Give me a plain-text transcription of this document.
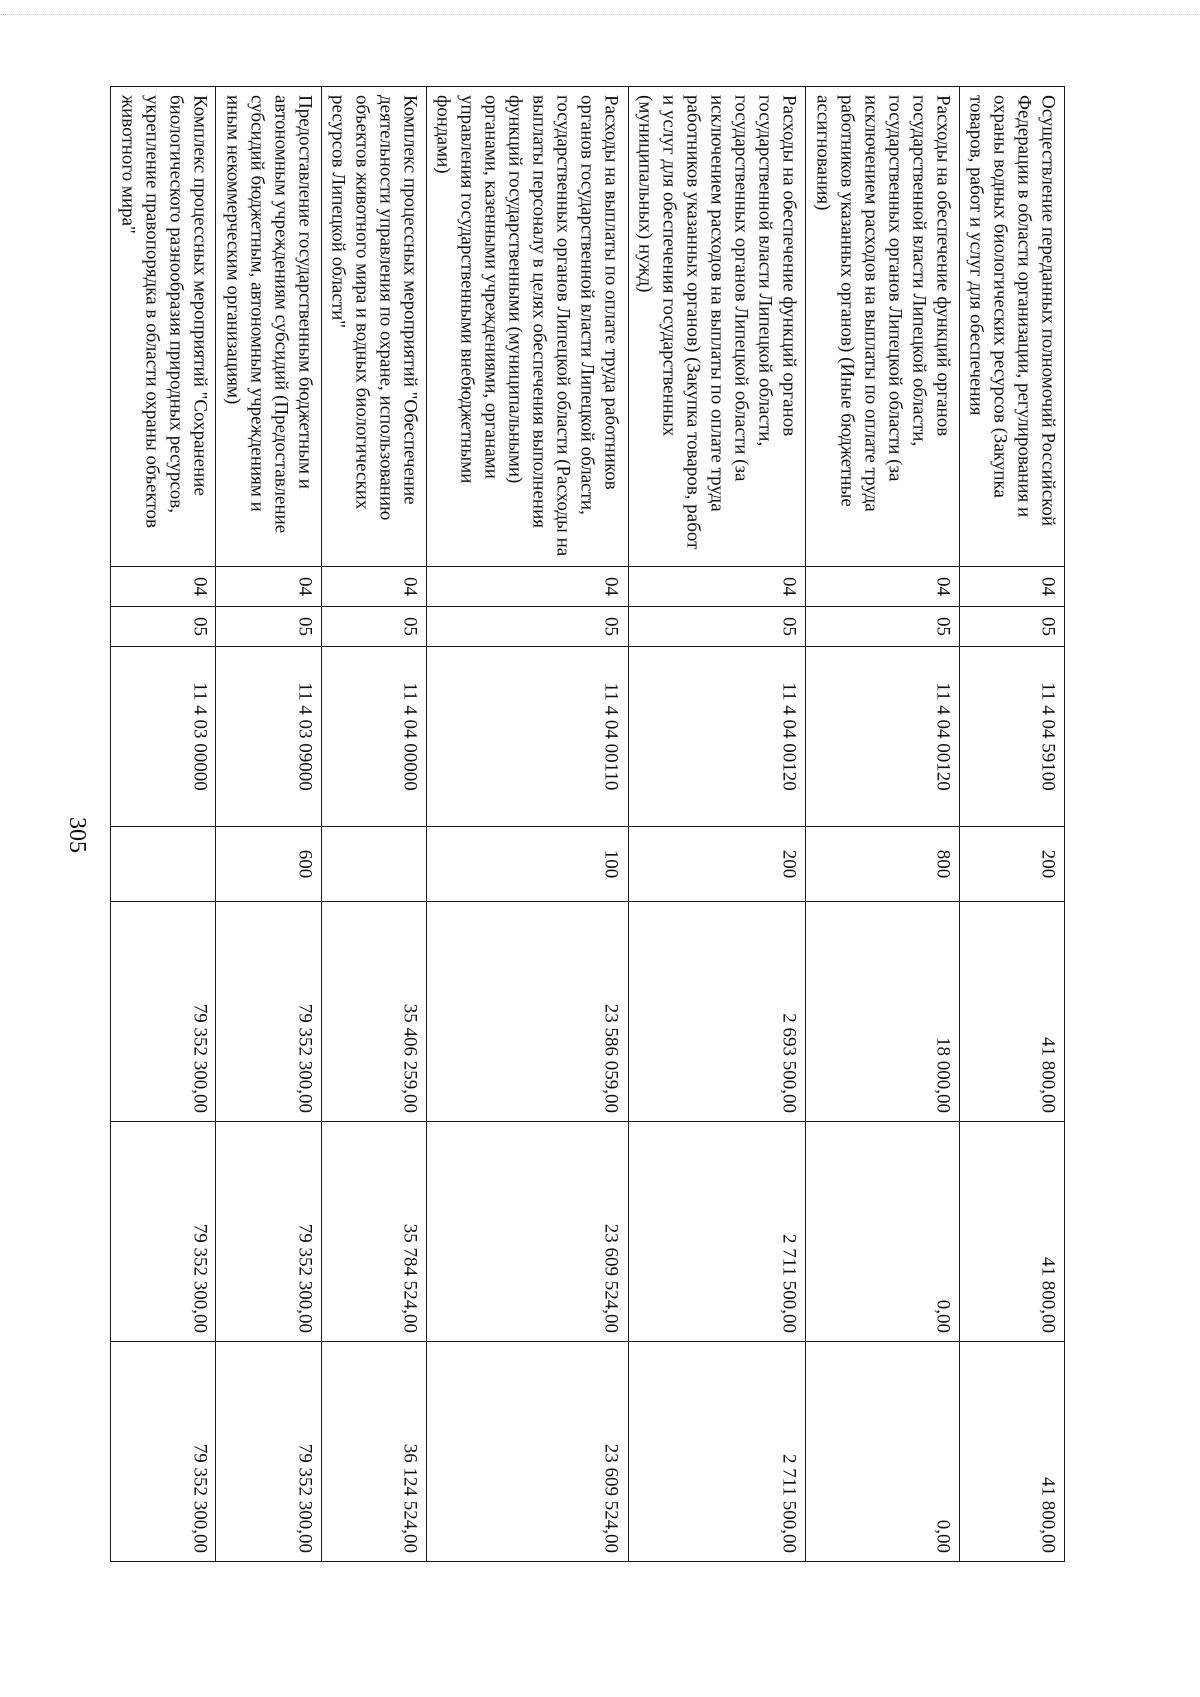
305
Комплекс процессных мероприятий "Сохранение биологического разнообразия природных ресурсов, укрепление правопорядка в области охраны объектов животного мира"	04	05	11 4 03 00000		79 352 300,00	79 352 300,00	79 352 300,00
Предоставление государственным бюджетным и автономным учреждениям субсидий (Предоставление субсидий бюджетным, автономным учреждениям и иным некоммерческим организациям)	04	05	11 4 03 09000	600	79 352 300,00	79 352 300,00	79 352 300,00
Комплекс процессных мероприятий "Обеспечение деятельности управления по охране, использованию объектов животного мира и водных биологических ресурсов Липецкой области"	04	05	11 4 04 00000		35 406 259,00	35 784 524,00	36 124 524,00
Расходы на выплаты по оплате труда работников органов государственной власти Липецкой области, государственных органов Липецкой области (Расходы на выплаты персоналу в целях обеспечения выполнения функций государственными (муниципальными) органами, казенными учреждениями, органами управления государственными внебюджетными фондами)	04	05	11 4 04 00110	100	23 586 059,00	23 609 524,00	23 609 524,00
Расходы на обеспечение функций органов государственной власти Липецкой области, государственных органов Липецкой области (за исключением расходов на выплаты по оплате труда работников указанных органов) (Закупка товаров, работ и услуг для обеспечения государственных (муниципальных) нужд)	04	05	11 4 04 00120	200	2 693 500,00	2 711 500,00	2 711 500,00
Расходы на обеспечение функций органов государственной власти Липецкой области, государственных органов Липецкой области (за исключением расходов на выплаты по оплате труда работников указанных органов) (Иные бюджетные ассигнования)	04	05	11 4 04 00120	800	18 000,00	0,00	0,00
Осуществление переданных полномочий Российской Федерации в области организации, регулирования и охраны водных биологических ресурсов (Закупка товаров, работ и услуг для обеспечения	04	05	11 4 04 59100	200	41 800,00	41 800,00	41 800,00
